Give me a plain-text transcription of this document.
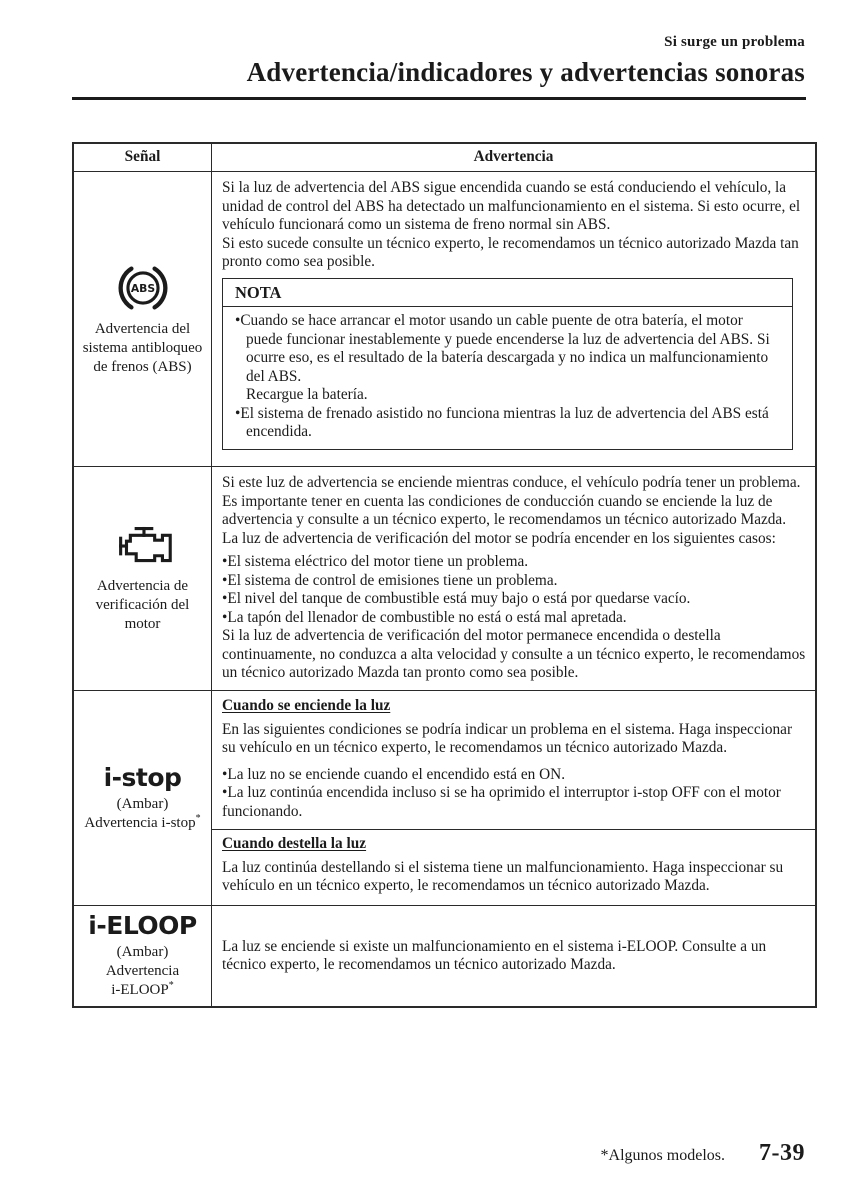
Si surge un problema
Advertencia/indicadores y advertencias sonoras
Señal	Advertencia
ABS
Advertencia del
sistema antibloqueo
de frenos (ABS)
Si la luz de advertencia del ABS sigue encendida cuando se está conduciendo el vehículo, la unidad de control del ABS ha detectado un malfuncionamiento en el sistema. Si esto ocurre, el vehículo funcionará como un sistema de freno normal sin ABS.
Si esto sucede consulte un técnico experto, le recomendamos un técnico autorizado Mazda tan pronto como sea posible.
NOTA
• Cuando se hace arrancar el motor usando un cable puente de otra batería, el motor puede funcionar inestablemente y puede encenderse la luz de advertencia del ABS. Si ocurre eso, es el resultado de la batería descargada y no indica un malfuncionamiento del ABS.
Recargue la batería.
• El sistema de frenado asistido no funciona mientras la luz de advertencia del ABS está encendida.
Advertencia de
verificación del
motor
Si este luz de advertencia se enciende mientras conduce, el vehículo podría tener un problema. Es importante tener en cuenta las condiciones de conducción cuando se enciende la luz de advertencia y consulte a un técnico experto, le recomendamos un técnico autorizado Mazda.
La luz de advertencia de verificación del motor se podría encender en los siguientes casos:
• El sistema eléctrico del motor tiene un problema.
• El sistema de control de emisiones tiene un problema.
• El nivel del tanque de combustible está muy bajo o está por quedarse vacío.
• La tapón del llenador de combustible no está o está mal apretada.
Si la luz de advertencia de verificación del motor permanece encendida o destella continuamente, no conduzca a alta velocidad y consulte a un técnico experto, le recomendamos un técnico autorizado Mazda tan pronto como sea posible.
i-stop
(Ambar)
Advertencia i-stop*
Cuando se enciende la luz
En las siguientes condiciones se podría indicar un problema en el sistema. Haga inspeccionar su vehículo en un técnico experto, le recomendamos un técnico autorizado Mazda.
• La luz no se enciende cuando el encendido está en ON.
• La luz continúa encendida incluso si se ha oprimido el interruptor i-stop OFF con el motor funcionando.
Cuando destella la luz
La luz continúa destellando si el sistema tiene un malfuncionamiento. Haga inspeccionar su vehículo en un técnico experto, le recomendamos un técnico autorizado Mazda.
i-ELOOP
(Ambar)
Advertencia
i-ELOOP*
La luz se enciende si existe un malfuncionamiento en el sistema i-ELOOP. Consulte a un técnico experto, le recomendamos un técnico autorizado Mazda.
*Algunos modelos. 7-39
